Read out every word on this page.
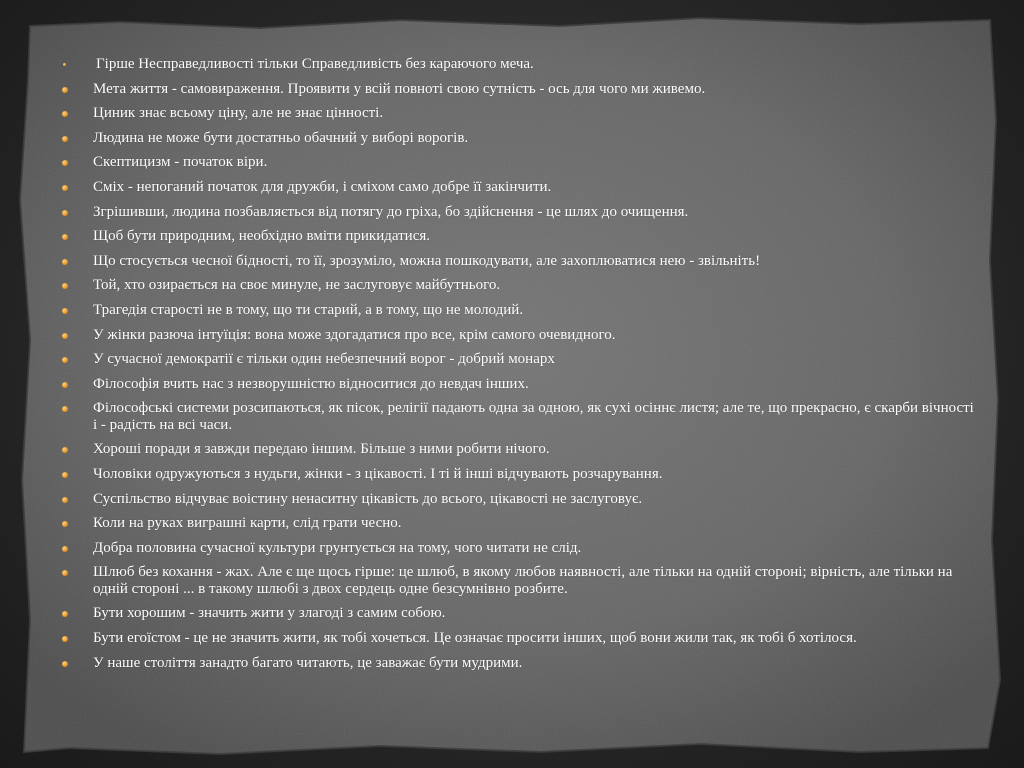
Гірше Несправедливості тільки Справедливість без караючого меча.
Мета життя - самовираження. Проявити у всій повноті свою сутність - ось для чого ми живемо.
Циник знає всьому ціну, але не знає цінності.
Людина не може бути достатньо обачний у виборі ворогів.
Скептицизм - початок віри.
Сміх - непоганий початок для дружби, і сміхом само добре її закінчити.
Згрішивши, людина позбавляється від потягу до гріха, бо здійснення - це шлях до очищення.
Щоб бути природним, необхідно вміти прикидатися.
Що стосується чесної бідності, то її, зрозуміло, можна пошкодувати, але захоплюватися нею - звільніть!
Той, хто озирається на своє минуле, не заслуговує майбутнього.
Трагедія старості не в тому, що ти старий, а в тому, що не молодий.
У жінки разюча інтуїція: вона може здогадатися про все, крім самого очевидного.
У сучасної демократії є тільки один небезпечний ворог - добрий монарх
Філософія вчить нас з незворушністю відноситися до невдач інших.
Філософські системи розсипаються, як пісок, релігії падають одна за одною, як сухі осіннє листя; але те, що прекрасно, є скарби вічності і - радість на всі часи.
Хороші поради я завжди передаю іншим. Більше з ними робити нічого.
Чоловіки одружуються з нудьги, жінки - з цікавості. І ті й інші відчувають розчарування.
Суспільство відчуває воістину ненаситну цікавість до всього, цікавості не заслуговує.
Коли на руках виграшні карти, слід грати чесно.
Добра половина сучасної культури грунтується на тому, чого читати не слід.
Шлюб без кохання - жах. Але є ще щось гірше: це шлюб, в якому любов наявності, але тільки на одній стороні; вірність, але тільки на одній стороні ... в такому шлюбі з двох сердець одне безсумнівно розбите.
Бути хорошим - значить жити у злагоді з самим собою.
Бути егоїстом - це не значить жити, як тобі хочеться. Це означає просити інших, щоб вони жили так, як тобі б хотілося.
У наше століття занадто багато читають, це заважає бути мудрими.
